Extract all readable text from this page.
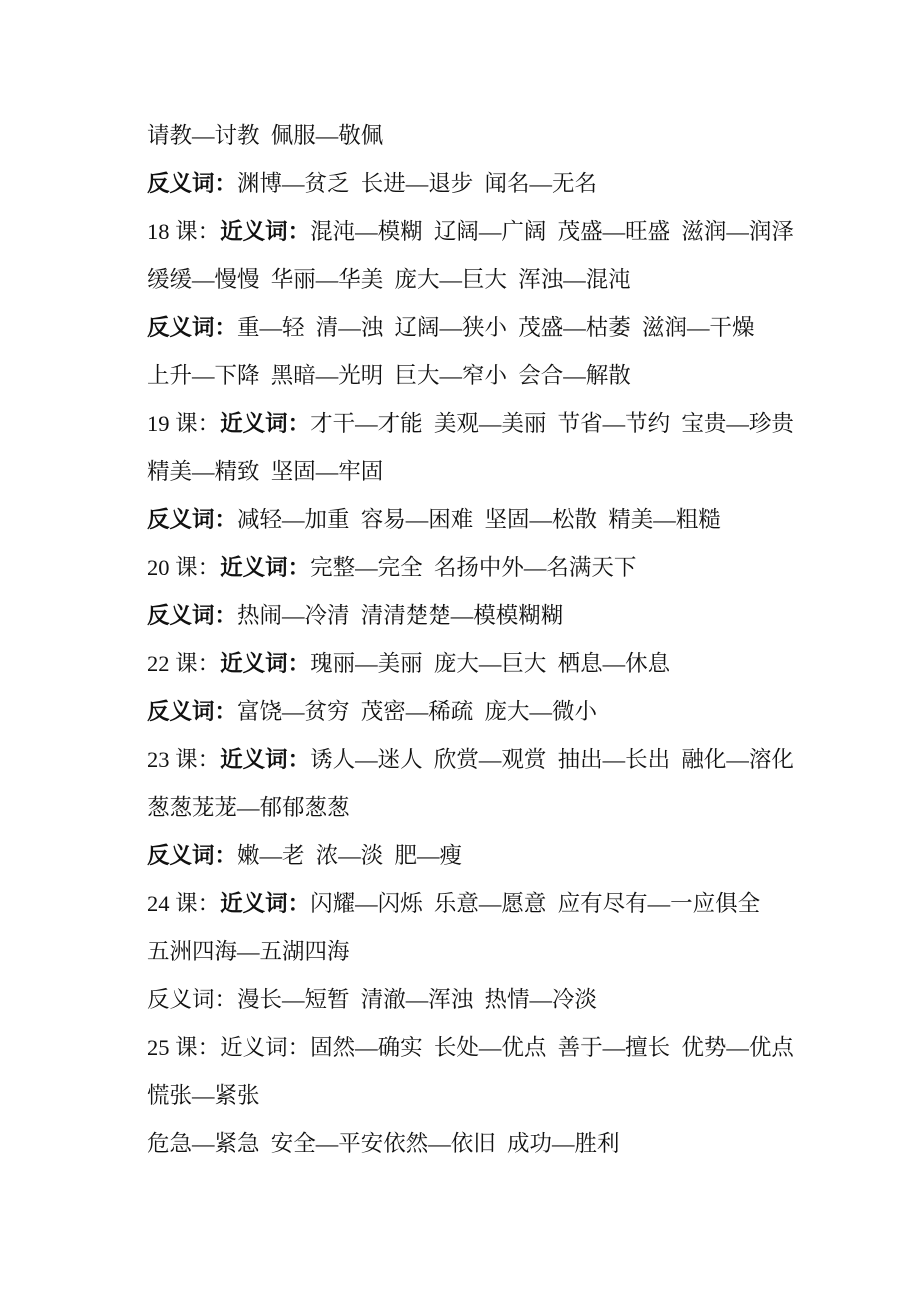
请教—讨教  佩服—敬佩
反义词：渊博—贫乏  长进—退步  闻名—无名
18 课：近义词：混沌—模糊  辽阔—广阔  茂盛—旺盛  滋润—润泽
缓缓—慢慢  华丽—华美  庞大—巨大  浑浊—混沌
反义词：重—轻  清—浊  辽阔—狭小  茂盛—枯萎  滋润—干燥
上升—下降  黑暗—光明  巨大—窄小  会合—解散
19 课：近义词：才干—才能  美观—美丽  节省—节约  宝贵—珍贵
精美—精致  坚固—牢固
反义词：减轻—加重  容易—困难  坚固—松散  精美—粗糙
20 课：近义词：完整—完全  名扬中外—名满天下
反义词：热闹—冷清  清清楚楚—模模糊糊
22 课：近义词：瑰丽—美丽  庞大—巨大  栖息—休息
反义词：富饶—贫穷  茂密—稀疏  庞大—微小
23 课：近义词：诱人—迷人  欣赏—观赏  抽出—长出  融化—溶化
葱葱茏茏—郁郁葱葱
反义词：嫩—老  浓—淡  肥—瘦
24 课：近义词：闪耀—闪烁  乐意—愿意  应有尽有—一应俱全
五洲四海—五湖四海
反义词：漫长—短暂  清澈—浑浊  热情—冷淡
25 课：近义词：固然—确实  长处—优点  善于—擅长  优势—优点
慌张—紧张
危急—紧急  安全—平安依然—依旧  成功—胜利
